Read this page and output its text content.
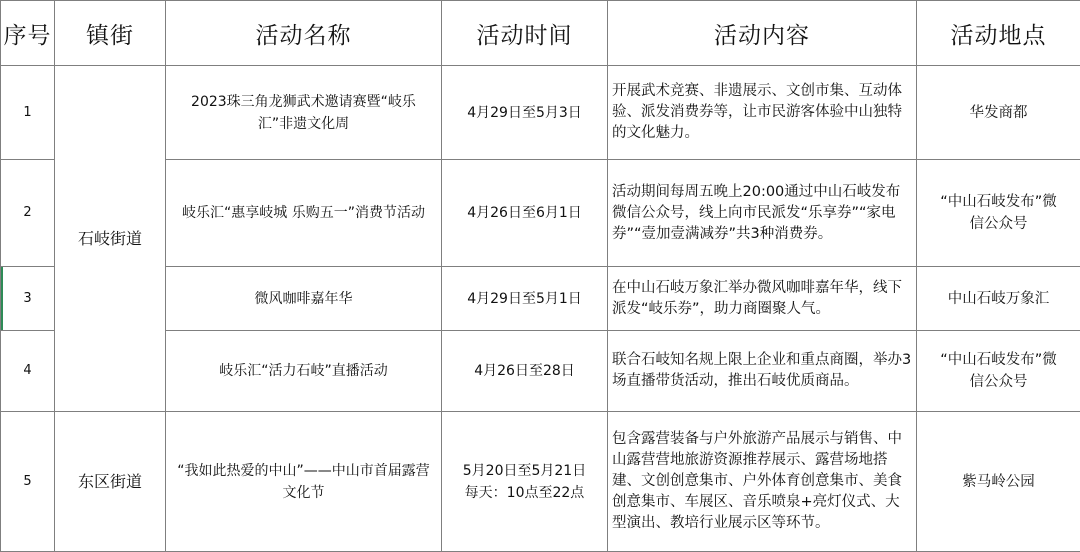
序号	镇街	活动名称	活动时间	活动内容	活动地点
1	石岐街道	2023珠三角龙狮武术邀请赛暨“岐乐汇”非遗文化周	4月29日至5月3日	开展武术竞赛、非遗展示、文创市集、互动体验、派发消费券等，让市民游客体验中山独特的文化魅力。	华发商都
2		岐乐汇“惠享岐城 乐购五一”消费节活动	4月26日至6月1日	活动期间每周五晚上20:00通过中山石岐发布微信公众号，线上向市民派发“乐享券”“家电券”“壹加壹满减券”共3种消费券。	“中山石岐发布”微信公众号
3		微风咖啡嘉年华	4月29日至5月1日	在中山石岐万象汇举办微风咖啡嘉年华，线下派发“岐乐券”，助力商圈聚人气。	中山石岐万象汇
4		岐乐汇“活力石岐”直播活动	4月26日至28日	联合石岐知名规上限上企业和重点商圈，举办3场直播带货活动，推出石岐优质商品。	“中山石岐发布”微信公众号
5	东区街道	“我如此热爱的中山”——中山市首届露营文化节	5月20日至5月21日每天：10点至22点	包含露营装备与户外旅游产品展示与销售、中山露营营地旅游资源推荐展示、露营场地搭建、文创创意集市、户外体育创意集市、美食创意集市、车展区、音乐喷泉+亮灯仪式、大型演出、教培行业展示区等环节。	紫马岭公园
